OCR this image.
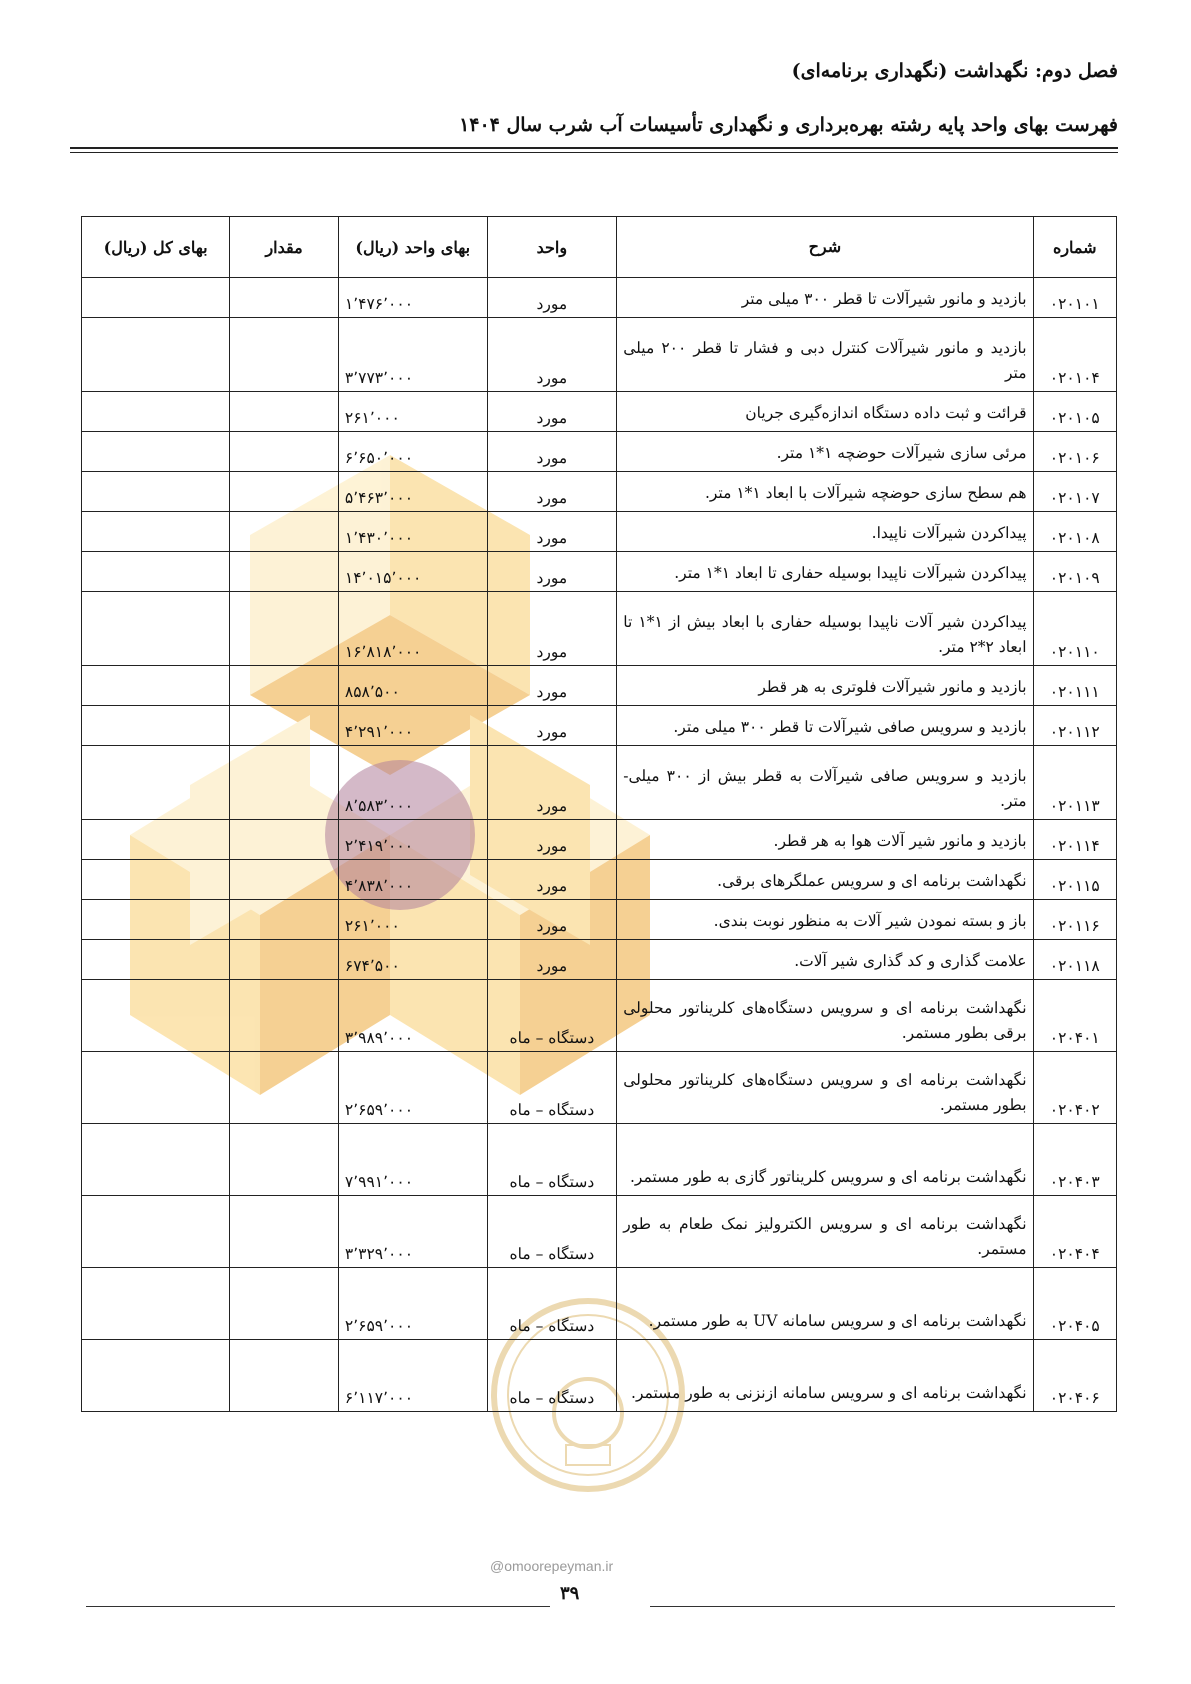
فصل دوم: نگهداشت (نگهداری برنامه‌ای)

فهرست بهای واحد پایه رشته بهره‌برداری و نگهداری تأسیسات آب شرب سال ۱۴۰۴

شماره	شرح	واحد	بهای واحد (ریال)	مقدار	بهای کل (ریال)
۰۲۰۱۰۱	بازدید و مانور شیرآلات تا قطر ۳۰۰ میلی متر	مورد	۱٬۴۷۶٬۰۰۰		
۰۲۰۱۰۴	بازدید و مانور شیرآلات کنترل دبی و فشار تا قطر ۲۰۰ میلی متر	مورد	۳٬۷۷۳٬۰۰۰		
۰۲۰۱۰۵	قرائت و ثبت داده دستگاه اندازه‌گیری جریان	مورد	۲۶۱٬۰۰۰		
۰۲۰۱۰۶	مرئی سازی شیرآلات حوضچه ۱*۱ متر.	مورد	۶٬۶۵۰٬۰۰۰		
۰۲۰۱۰۷	هم سطح سازی حوضچه شیرآلات با ابعاد ۱*۱ متر.	مورد	۵٬۴۶۳٬۰۰۰		
۰۲۰۱۰۸	پیداکردن شیرآلات ناپیدا.	مورد	۱٬۴۳۰٬۰۰۰		
۰۲۰۱۰۹	پیداکردن شیرآلات ناپیدا بوسیله حفاری تا ابعاد ۱*۱ متر.	مورد	۱۴٬۰۱۵٬۰۰۰		
۰۲۰۱۱۰	پیداکردن شیر آلات ناپیدا بوسیله حفاری با ابعاد بیش از ۱*۱ تا ابعاد ۲*۲ متر.	مورد	۱۶٬۸۱۸٬۰۰۰		
۰۲۰۱۱۱	بازدید و مانور شیرآلات فلوتری به هر قطر	مورد	۸۵۸٬۵۰۰		
۰۲۰۱۱۲	بازدید و سرویس صافی شیرآلات تا قطر ۳۰۰ میلی متر.	مورد	۴٬۲۹۱٬۰۰۰		
۰۲۰۱۱۳	بازدید و سرویس صافی شیرآلات به قطر بیش از ۳۰۰ میلی- متر.	مورد	۸٬۵۸۳٬۰۰۰		
۰۲۰۱۱۴	بازدید و مانور شیر آلات هوا به هر قطر.	مورد	۲٬۴۱۹٬۰۰۰		
۰۲۰۱۱۵	نگهداشت برنامه ای و سرویس عملگرهای برقی.	مورد	۴٬۸۳۸٬۰۰۰		
۰۲۰۱۱۶	باز و بسته نمودن شیر آلات به منظور نوبت بندی.	مورد	۲۶۱٬۰۰۰		
۰۲۰۱۱۸	علامت گذاری و کد گذاری شیر آلات.	مورد	۶۷۴٬۵۰۰		
۰۲۰۴۰۱	نگهداشت برنامه ای و سرویس دستگاه‌های کلریناتور محلولی برقی بطور مستمر.	دستگاه – ماه	۳٬۹۸۹٬۰۰۰		
۰۲۰۴۰۲	نگهداشت برنامه ای و سرویس دستگاه‌های کلریناتور محلولی بطور مستمر.	دستگاه – ماه	۲٬۶۵۹٬۰۰۰		
۰۲۰۴۰۳	نگهداشت برنامه ای و سرویس کلریناتور گازی به طور مستمر.	دستگاه – ماه	۷٬۹۹۱٬۰۰۰		
۰۲۰۴۰۴	نگهداشت برنامه ای و سرویس الکترولیز نمک طعام به طور مستمر.	دستگاه – ماه	۳٬۳۲۹٬۰۰۰		
۰۲۰۴۰۵	نگهداشت برنامه ای و سرویس سامانه UV به طور مستمر.	دستگاه – ماه	۲٬۶۵۹٬۰۰۰		
۰۲۰۴۰۶	نگهداشت برنامه ای و سرویس سامانه ازنزنی به طور مستمر.	دستگاه – ماه	۶٬۱۱۷٬۰۰۰		
@omoorepeyman.ir
۳۹
